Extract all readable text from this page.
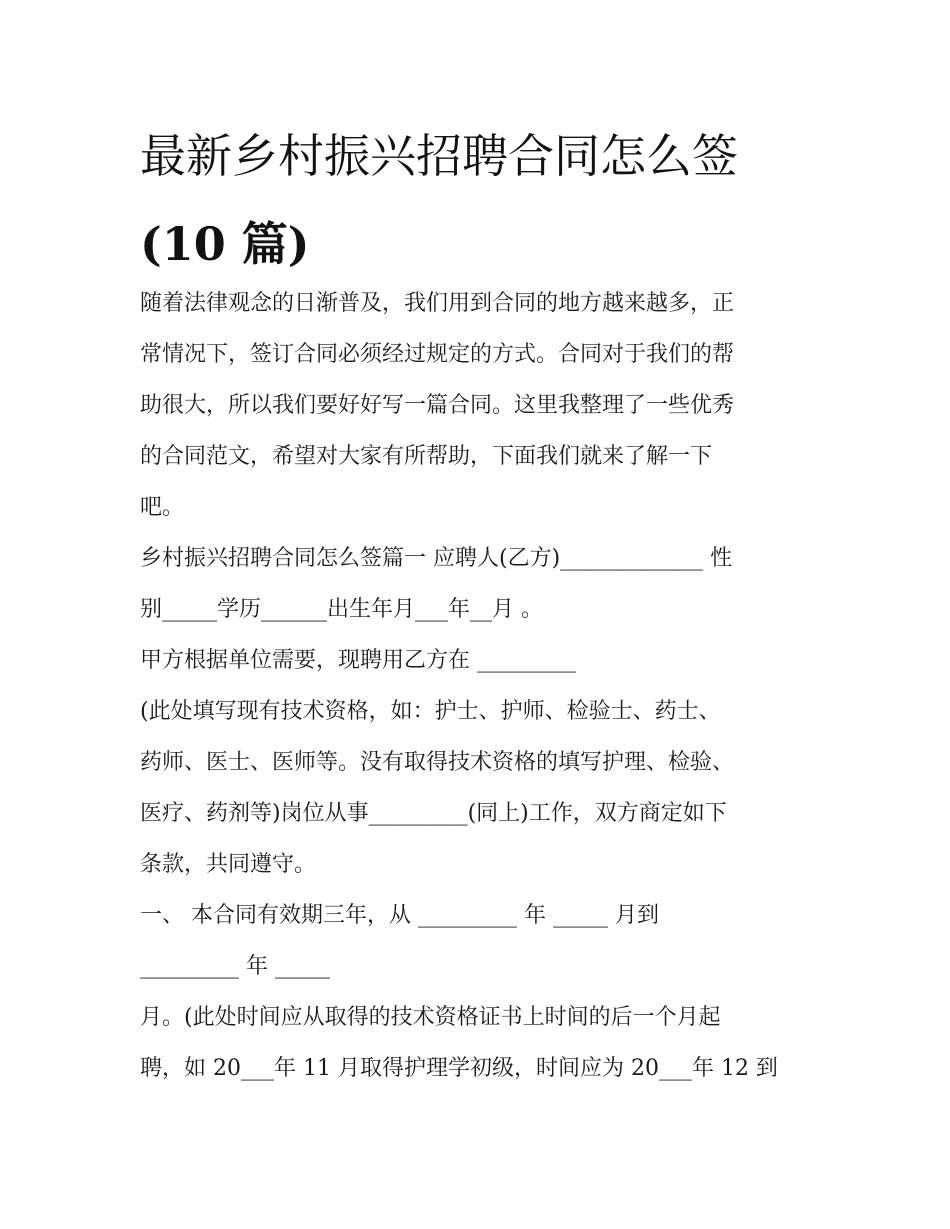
最新乡村振兴招聘合同怎么签
(10 篇)

随着法律观念的日渐普及，我们用到合同的地方越来越多，正

常情况下，签订合同必须经过规定的方式。合同对于我们的帮

助很大，所以我们要好好写一篇合同。这里我整理了一些优秀

的合同范文，希望对大家有所帮助，下面我们就来了解一下

吧。

乡村振兴招聘合同怎么签篇一 应聘人(乙方)_____________ 性

别_____学历______出生年月___年__月 。

甲方根据单位需要，现聘用乙方在 _________

(此处填写现有技术资格，如：护士、护师、检验士、药士、

药师、医士、医师等。没有取得技术资格的填写护理、检验、

医疗、药剂等)岗位从事_________(同上)工作，双方商定如下

条款，共同遵守。

一、 本合同有效期三年，从 _________ 年 _____ 月到

_________ 年 _____

月。(此处时间应从取得的技术资格证书上时间的后一个月起

聘，如 20___年 11 月取得护理学初级，时间应为 20___年 12 到
